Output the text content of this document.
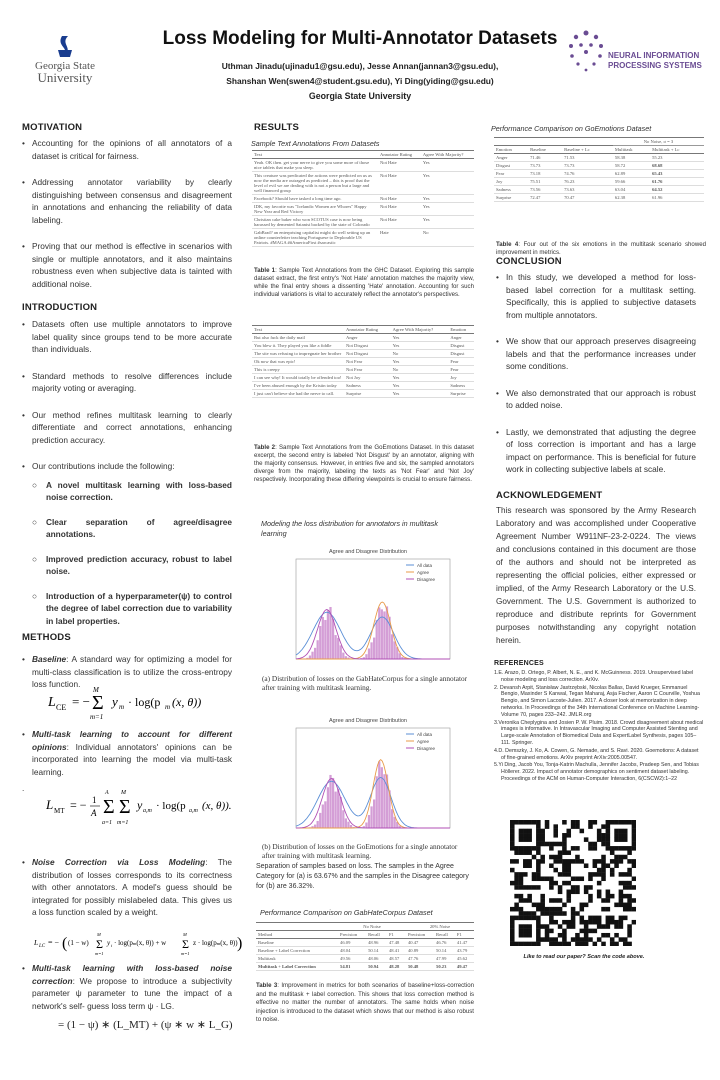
Georgia State
University
Loss Modeling for Multi-Annotator Datasets
Uthman Jinadu(ujinadu1@gsu.edu), Jesse Annan(jannan3@gsu.edu),
Shanshan Wen(swen4@student.gsu.edu), Yi Ding(yiding@gsu.edu)
Georgia State University
NEURAL INFORMATION
PROCESSING SYSTEMS
MOTIVATION
• Accounting for the opinions of all annotators of a dataset is critical for fairness.
• Addressing annotator variability by clearly distinguishing between consensus and disagreement in annotations and enhancing the reliability of data labeling.
• Proving that our method is effective in scenarios with single or multiple annotators, and it also maintains robustness even when subjective data is tainted with additional noise.
INTRODUCTION
• Datasets often use multiple annotators to improve label quality since groups tend to be more accurate than individuals.
• Standard methods to resolve differences include majority voting or averaging.
• Our method refines multitask learning to clearly differentiate and correct annotations, enhancing prediction accuracy.
• Our contributions include the following:
○ A novel multitask learning with loss-based noise correction.
○ Clear separation of agree/disagree annotations.
○ Improved prediction accuracy, robust to label noise.
○ Introduction of a hyperparameter(ψ) to control the degree of label correction due to variability in label properties.
METHODS
• Baseline: A standard way for optimizing a model for multi-class classification is to utilize the cross-entropy loss function.
L CE = − Σ
M
m=1
y m · log(p m (x, θ))
• Multi-task learning to account for different opinions: Individual annotators' opinions can be incorporated into learning the model via multi-task learning.
.
L MT = − 1
A Σ
A
a=1
Σ
M
m=1
y a,m · log(p a,m (x, θ)).
• Noise Correction via Loss Modeling: The distribution of losses corresponds to its correctness with other annotators. A model's guess should be integrated for possibly mislabeled data. This gives us a loss function scaled by a weight.
L LC = − ( (1 − w) Σ
M
m=1
y i · log(pm(x, θ)) + w Σ
M
m=1
z · log(pm(x, θ)) )
• Multi-task learning with loss-based noise correction: We propose to introduce a subjectivity parameter ψ parameter to tune the impact of a network's self- guess loss term ψ · LG.
= (1 − ψ) ∗ (L_MT) + (ψ ∗ w ∗ L_G)
RESULTS
Sample Text Annotations From Datasets
Text	Annotator Rating	Agree With Majority?
Yeah. OK then. get your nerve to give you some more of those nice tablets that make you sleep.	Not Hate	Yes
This creature was predicated the actions were predicted on us as now the media are outraged as predicted – this is proof that the level of evil we are dealing with is not a person but a large and well financed group	Not Hate	Yes
Facebook? Should have tasked a long time ago.	Not Hate	Yes
IDK, my favorite was "Icelandic Women are Whores" Happy New Year and Red Victory	Not Hate	Yes
Christian cake baker who won SCOTUS case is now being harassed by demented Satanist backed by the state of Colorado	Not Hate	Yes
GabBrad? an enterprising capitalist might do well setting up an online counterfeiter teaching Portuguese to Deplorable US Patriots. #MAGA ##AmericaFirst #sarcastic	Hate	No
Table 1: Sample Text Annotations from the GHC Dataset. Exploring this sample dataset extract, the first entry's 'Not Hate' annotation matches the majority view, while the final entry shows a dissenting 'Hate' annotation. Accounting for such individual variations is vital to accurately reflect the annotator's perspectives.
Text	Annotator Rating	Agree With Majority?	Emotion
But also fuck the daily mail	Anger	Yes	Anger
You blew it. They played you like a fiddle	Not Disgust	Yes	Disgust
The site was refusing to impregnate her brother	Not Disgust	No	Disgust
Ok now that was epic!	Not Fear	Yes	Fear
This is creepy	Not Fear	No	Fear
I can see why! It would totally be offended too!	Not Joy	Yes	Joy
I've been abused enough by the Kristin today	Sadness	Yes	Sadness
I just can't believe she had the nerve to call.	Surprise	Yes	Surprise
Table 2: Sample Text Annotations from the GoEmotions Dataset. In this dataset excerpt, the second entry is labeled 'Not Disgust' by an annotator, aligning with the majority consensus. However, in entries five and six, the sampled annotators diverge from the majority, labeling the texts as 'Not Fear' and 'Not Joy' respectively. Incorporating these differing viewpoints is crucial to ensure fairness.
Modeling the loss distribution for annotators in multitask learning
Agree and Disagree Distribution
All data
Agree
Disagree
(a) Distribution of losses on the GabHateCorpus for a single annotator after training with multitask learning.
Agree and Disagree Distribution
All data
Agree
Disagree
(b) Distribution of losses on the GoEmotions for a single annotator after training with multitask learning.
Separation of samples based on loss. The samples in the Agree Category for (a) is 63.67% and the samples in the Disagree category for (b) are 36.32%.
Performance Comparison on GabHateCorpus Dataset
	No Noise			20% Noise		
Method	Precision	Recall	F1	Precision	Recall	F1
Baseline	46.09	48.96	47.48	40.47	46.76	41.47
Baseline + Label Correction	48.04	50.14	48.41	40.89	50.14	43.79
Multitask	49.56	48.06	48.57	47.76	47.99	45.62
Multitask + Label Correction	54.81	50.94	48.28	50.48	50.23	49.47
Table 3: Improvement in metrics for both scenarios of baseline+loss-correction and the multitask + label correction. This shows that loss correction method is effective no matter the number of annotators. The same holds when noise injection is introduced to the dataset which shows that our method is also robust to noise.
Performance Comparison on GoEmotions Dataset
			No Noise, σ = 3	
Emotion	Baseline	Baseline + Lc	Multitask	Multitask + Lc
Anger	71.46	71.53	58.38	55.23
Disgust	73.73	73.73	58.72	68.68
Fear	73.18	74.76	62.89	65.43
Joy	75.51	76.23	59.66	61.76
Sadness	73.56	73.63	63.04	64.52
Surprise	72.47	70.47	62.38	61.96
Table 4: Four out of the six emotions in the multitask scenario showed improvement in metrics.
CONCLUSION
• In this study, we developed a method for loss-based label correction for a multitask setting. Specifically, this is applied to subjective datasets from multiple annotators.
• We show that our approach preserves disagreeing labels and that the performance increases under some conditions.
• We also demonstrated that our approach is robust to added noise.
• Lastly, we demonstrated that adjusting the degree of loss correction is important and has a large impact on performance. This is beneficial for future work in collecting subjective labels at scale.
ACKNOWLEDGEMENT
This research was sponsored by the Army Research Laboratory and was accomplished under Cooperative Agreement Number W911NF-23-2-0224. The views and conclusions contained in this document are those of the authors and should not be interpreted as representing the official policies, either expressed or implied, of the Army Research Laboratory or the U.S. Government. The U.S. Government is authorized to reproduce and distribute reprints for Government purposes notwithstanding any copyright notation herein.
REFERENCES
1.E. Arazo, D. Ortego, P. Albert, N. E., and K. McGuinness. 2019. Unsupervised label noise modeling and loss correction. ArXiv.
2. Devansh Arpit, Stanisław Jastrzębski, Nicolas Ballas, David Krueger, Emmanuel Bengio, Maxinder S Kanwal, Tegan Maharaj, Asja Fischer, Aaron C Courville, Yoshua Bengio, and Simon Lacoste-Julien. 2017. A closer look at memorization in deep networks. In Proceedings of the 34th International Conference on Machine Learning-Volume 70, pages 233–242. JMLR.org
3.Veronika Cheplygina and Josien P. W. Pluim. 2018. Crowd disagreement about medical images is informative. In Intravascular Imaging and Computer Assisted Stenting and Large-scale Annotation of Biomedical Data and ExpertLabel Synthesis, pages 105–111. Springer.
4.D. Demszky, J. Ko, A. Cowen, G. Nemade, and S. Ravi. 2020. Goemotions: A dataset of fine-grained emotions. ArXiv preprint ArXiv:2005.00547.
5.Yi Ding, Jacob You, Tonja-Katrin Machulla, Jennifer Jacobs, Pradeep Sen, and Tobias Höllerer. 2022. Impact of annotator demographics on sentiment dataset labeling. Proceedings of the ACM on Human-Computer Interaction, 6(CSCW2):1–22
Like to read our paper? Scan the code above.
